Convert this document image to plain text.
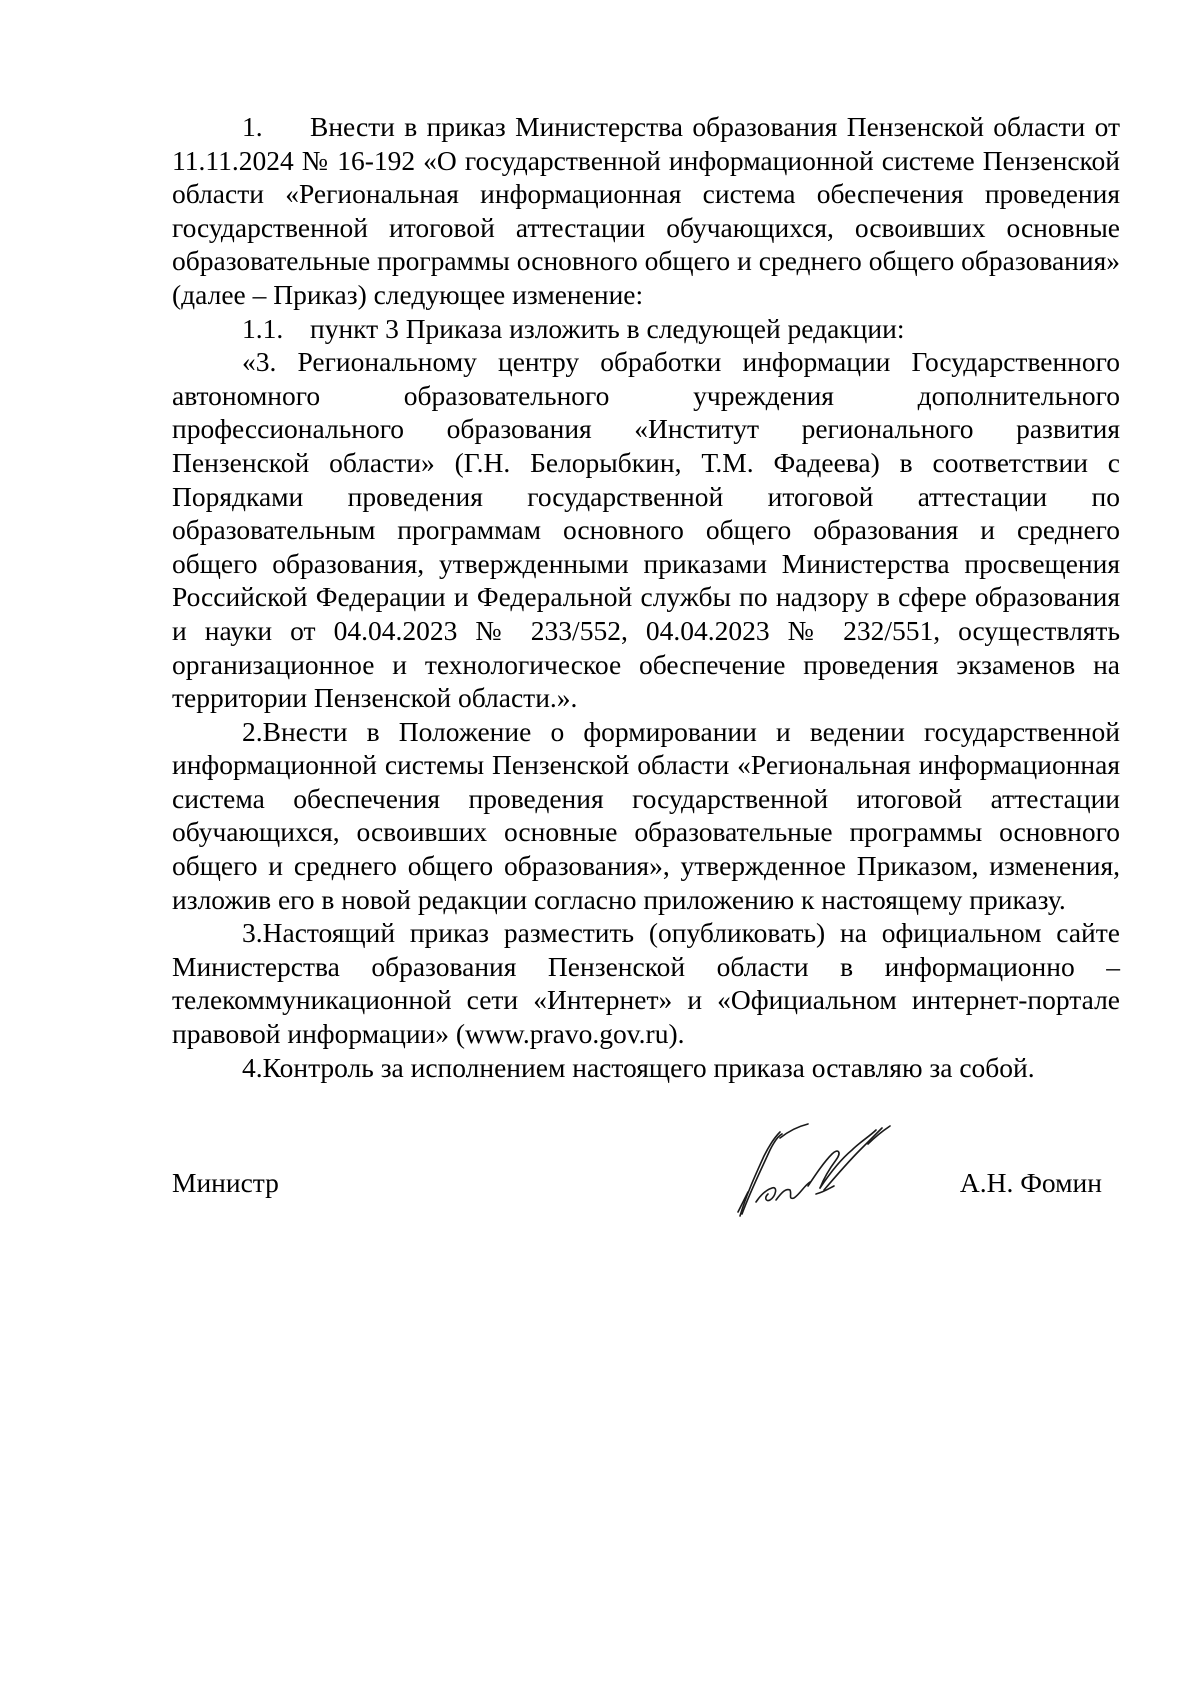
1. Внести в приказ Министерства образования Пензенской области от 11.11.2024 № 16-192 «О государственной информационной системе Пензенской области «Региональная информационная система обеспечения проведения государственной итоговой аттестации обучающихся, освоивших основные образовательные программы основного общего и среднего общего образования» (далее – Приказ) следующее изменение:

1.1. пункт 3 Приказа изложить в следующей редакции:

«3. Региональному центру обработки информации Государственного автономного образовательного учреждения дополнительного профессионального образования «Институт регионального развития Пензенской области» (Г.Н. Белорыбкин, Т.М. Фадеева) в соответствии с Порядками проведения государственной итоговой аттестации по образовательным программам основного общего образования и среднего общего образования, утвержденными приказами Министерства просвещения Российской Федерации и Федеральной службы по надзору в сфере образования и науки от 04.04.2023 № 233/552, 04.04.2023 № 232/551, осуществлять организационное и технологическое обеспечение проведения экзаменов на территории Пензенской области.».

2.Внести в Положение о формировании и ведении государственной информационной системы Пензенской области «Региональная информационная система обеспечения проведения государственной итоговой аттестации обучающихся, освоивших основные образовательные программы основного общего и среднего общего образования», утвержденное Приказом, изменения, изложив его в новой редакции согласно приложению к настоящему приказу.

3.Настоящий приказ разместить (опубликовать) на официальном сайте Министерства образования Пензенской области в информационно – телекоммуникационной сети «Интернет» и «Официальном интернет-портале правовой информации» (www.pravo.gov.ru).

4.Контроль за исполнением настоящего приказа оставляю за собой.

Министр	А.Н. Фомин
